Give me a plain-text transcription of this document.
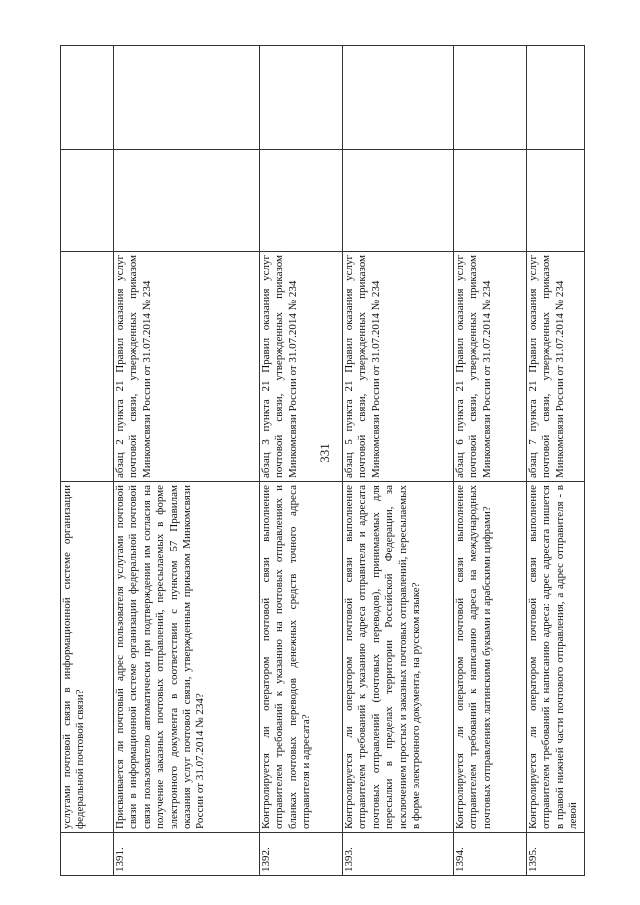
331
	услугами почтовой связи в информационной системе организации федеральной почтовой связи?			
1391.	Присваивается ли почтовый адрес пользователя услугами почтовой связи в информационной системе организации федеральной почтовой связи пользователю автоматически при подтверждении им согласия на получение заказных почтовых отправлений, пересылаемых в форме электронного документа в соответствии с пунктом 57 Правилам оказания услуг почтовой связи, утвержденным приказом Минкомсвязи России от 31.07.2014 № 234?	абзац 2 пункта 21 Правил оказания услуг почтовой связи, утвержденных приказом Минкомсвязи России от 31.07.2014 № 234		
1392.	Контролируется ли оператором почтовой связи выполнение отправителем требований к указанию на почтовых отправлениях и бланках почтовых переводов денежных средств точного адреса отправителя и адресата?	абзац 3 пункта 21 Правил оказания услуг почтовой связи, утвержденных приказом Минкомсвязи России от 31.07.2014 № 234		
1393.	Контролируется ли оператором почтовой связи выполнение отправителем требований к указанию адреса отправителя и адресата почтовых отправлений (почтовых переводов), принимаемых для пересылки в пределах территории Российской Федерации, за исключением простых и заказных почтовых отправлений, пересылаемых в форме электронного документа, на русском языке?	абзац 5 пункта 21 Правил оказания услуг почтовой связи, утвержденных приказом Минкомсвязи России от 31.07.2014 № 234		
1394.	Контролируется ли оператором почтовой связи выполнение отправителем требований к написанию адреса на международных почтовых отправлениях латинскими буквами и арабскими цифрами?	абзац 6 пункта 21 Правил оказания услуг почтовой связи, утвержденных приказом Минкомсвязи России от 31.07.2014 № 234		
1395.	Контролируется ли оператором почтовой связи выполнение отправителем требований к написанию адреса: адрес адресата пишется в правой нижней части почтового отправления, а адрес отправителя - в левой	абзац 7 пункта 21 Правил оказания услуг почтовой связи, утвержденных приказом Минкомсвязи России от 31.07.2014 № 234		
